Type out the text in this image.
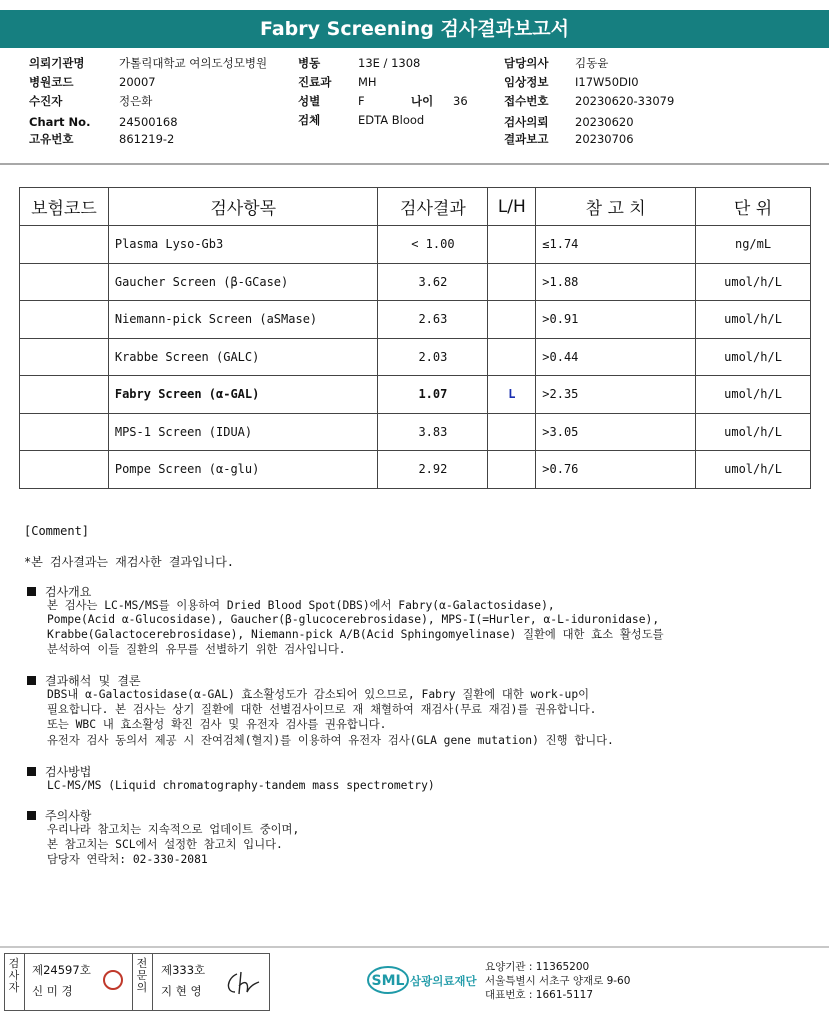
Fabry Screening 검사결과보고서
의뢰기관명	가톨릭대학교 여의도성모병원
병원코드	20007
수진자	정은화
Chart No. 24500168
고유번호	861219-2
병동	13E / 1308
진료과 MH
성별	F	나이 36
검체	EDTA Blood
담당의사 김동윤
임상정보 I17W50DI0
접수번호 20230620-33079
검사의뢰 20230620
결과보고 20230706
보험코드	검사항목	검사결과	L/H	참 고 치	단 위
	Plasma Lyso-Gb3	< 1.00		≤1.74	ng/mL
	Gaucher Screen (β-GCase)	3.62		>1.88	umol/h/L
	Niemann-pick Screen (aSMase)	2.63		>0.91	umol/h/L
	Krabbe Screen (GALC)	2.03		>0.44	umol/h/L
	Fabry Screen (α-GAL)	1.07	L	>2.35	umol/h/L
	MPS-1 Screen (IDUA)	3.83		>3.05	umol/h/L
	Pompe Screen (α-glu)	2.92		>0.76	umol/h/L
[Comment]
*본 검사결과는 재검사한 결과입니다.
검사개요
본 검사는 LC-MS/MS를 이용하여 Dried Blood Spot(DBS)에서 Fabry(α-Galactosidase),
Pompe(Acid α-Glucosidase), Gaucher(β-glucocerebrosidase), MPS-I(=Hurler, α-L-iduronidase),
Krabbe(Galactocerebrosidase), Niemann-pick A/B(Acid Sphingomyelinase) 질환에 대한 효소 활성도를
분석하여 이들 질환의 유무를 선별하기 위한 검사입니다.
결과해석 및 결론
DBS내 α-Galactosidase(α-GAL) 효소활성도가 감소되어 있으므로, Fabry 질환에 대한 work-up이
필요합니다. 본 검사는 상기 질환에 대한 선별검사이므로 재 채혈하여 재검사(무료 재검)를 권유합니다.
또는 WBC 내 효소활성 확진 검사 및 유전자 검사를 권유합니다.
유전자 검사 동의서 제공 시 잔여검체(혈지)를 이용하여 유전자 검사(GLA gene mutation) 진행 합니다.
검사방법
LC-MS/MS (Liquid chromatography-tandem mass spectrometry)
주의사항
우리나라 참고치는 지속적으로 업데이트 중이며,
본 참고치는 SCL에서 설정한 참고치 입니다.
담당자 연락처: 02-330-2081
검사자
제24597호
신 미 경
전문의
제333호
지 현 영
SML 삼광의료재단
요양기관 : 11365200
서울특별시 서초구 양재로 9-60
대표번호 : 1661-5117
